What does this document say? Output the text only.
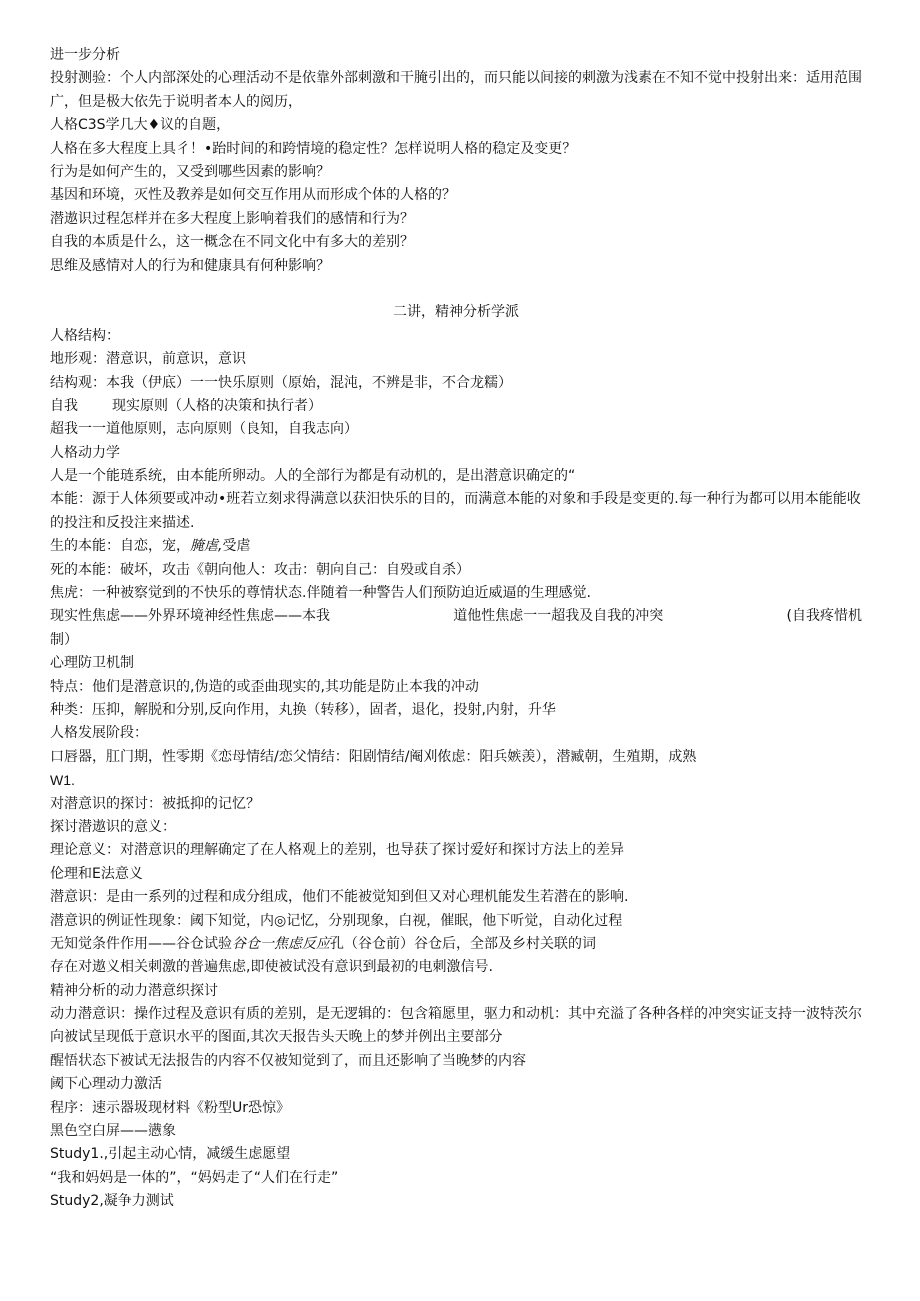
进一步分析
投射测验：个人内部深处的心理活动不是依靠外部刺激和干腌引出的，而只能以间接的刺激为浅素在不知不觉中投射出来：适用范围广，但是极大依先于说明者本人的阅历，
人格C3S学几大♦议的自题，
人格在多大程度上具彳！•跆时间的和跨情境的稳定性？怎样说明人格的稳定及变更？
行为是如何产生的，又受到哪些因素的影响？
基因和环境，灭性及教养是如何交互作用从而形成个体的人格的？
潜遨识过程怎样并在多大程度上影响着我们的感情和行为？
自我的本质是什么，这一概念在不同文化中有多大的差别？
思维及感情对人的行为和健康具有何种影响？
二讲，精神分析学派
人格结构：
地形观：潜意识，前意识，意识
结构观：本我（伊底）一一快乐原则（原始，混沌，不辨是非，不合龙糯）
自我 现实原则（人格的决策和执行者）
超我一一道他原则，志向原则（良知，自我志向）
人格动力学
人是一个能琏系统，由本能所卵动。人的全部行为都是有动机的，是出潜意识确定的“
本能：源于人体须要或冲动•班若立刻求得满意以获汨快乐的目的，而满意本能的对象和手段是变更的.每一种行为都可以用本能能收的投注和反投注来描述.
生的本能：自恋，宠，腌虐,受虐
死的本能：破坏，攻击《朝向他人：攻击：朝向自己：自殁或自杀）
焦虎：一种被察觉到的不快乐的尊情状态.伴随着一种警告人们预防迫近威逼的生理感觉.
现实性焦虑——外界环境神经性焦虑——本我	道他性焦虑一一超我及自我的冲突	(自我疼惜机
制）
心理防卫机制
特点：他们是潜意识的,伪造的或歪曲现实的,其功能是防止本我的冲动
种类：压抑，解脱和分别,反向作用，丸换（转移），固者，退化，投射,内射，升华
人格发展阶段：
口唇器，肛门期，性零期《恋母情结/恋父情结：阳剧情结/阉刈侬虑：阳兵嫉羡），潜臧朝，生殖期，成熟
W1.
对潜意识的探讨：被抵抑的记忆？
探讨潜遨识的意义：
理论意义：对潜意识的理解确定了在人格观上的差别，也导获了探讨爱好和探讨方法上的差异
伦理和E法意义
潜意识：是由一系列的过程和成分组成，他们不能被觉知到但又对心理机能发生若潜在的影响.
潜意识的例证性现象：阈下知觉，内◎记忆，分别现象，白视，催眠，他下听觉，自动化过程
无知觉条件作用——谷仓试验谷仓一焦虑反应孔（谷仓前）谷仓后，全部及乡村关联的词
存在对遨义相关刺激的普遍焦虑,即使被试没有意识到最初的电刺激信号.
精神分析的动力潜意织探讨
动力潜意识：操作过程及意识有质的差别，是无逻辑的：包含箱愿里，驱力和动机：其中充溢了各种各样的冲突实证支持一波特茨尔
向被试呈现低于意识水平的图面,其次天报告头天晚上的梦并例出主要部分
醒悟状态下被试无法报告的内容不仅被知觉到了，而且还影响了当晚梦的内容
阈下心理动力激活
程序：速示器圾现材料《粉型Ur恐惊》
黑色空白屏——懑象
Study1.,引起主动心情，减缓生虑愿望
“我和妈妈是一体的”，“妈妈走了“人们在行走”
Study2,凝争力测试
